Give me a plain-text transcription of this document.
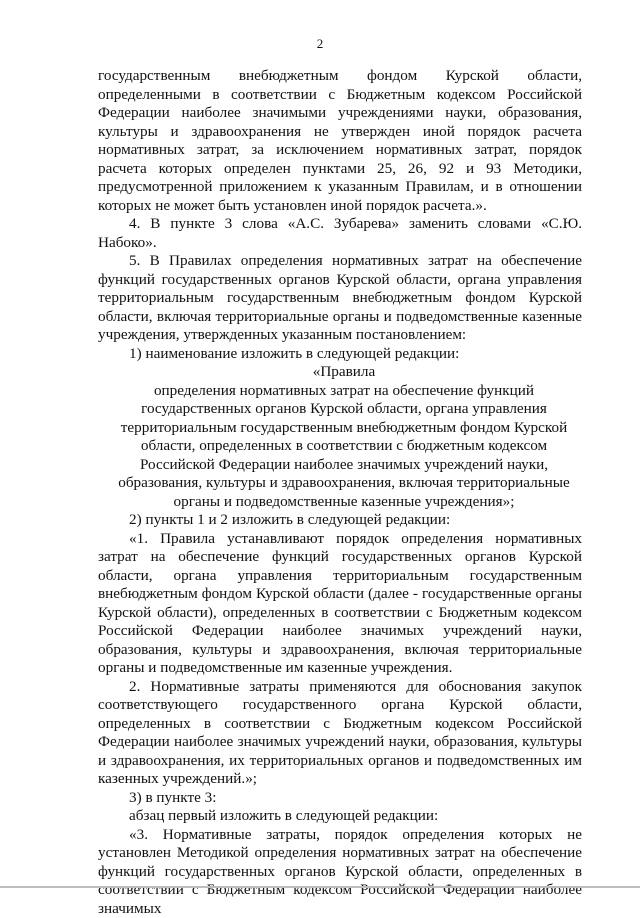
2

государственным внебюджетным фондом Курской области, определенными в соответствии с Бюджетным кодексом Российской Федерации наиболее значимыми учреждениями науки, образования, культуры и здравоохранения не утвержден иной порядок расчета нормативных затрат, за исключением нормативных затрат, порядок расчета которых определен пунктами 25, 26, 92 и 93 Методики, предусмотренной приложением к указанным Правилам, и в отношении которых не может быть установлен иной порядок расчета.».

4. В пункте 3 слова «А.С. Зубарева» заменить словами «С.Ю. Набоко».

5. В Правилах определения нормативных затрат на обеспечение функций государственных органов Курской области, органа управления территориальным государственным внебюджетным фондом Курской области, включая территориальные органы и подведомственные казенные учреждения, утвержденных указанным постановлением:

1) наименование изложить в следующей редакции:

«Правила

определения нормативных затрат на обеспечение функций государственных органов Курской области, органа управления территориальным государственным внебюджетным фондом Курской области, определенных в соответствии с бюджетным кодексом Российской Федерации наиболее значимых учреждений науки, образования, культуры и здравоохранения, включая территориальные органы и подведомственные казенные учреждения»;

2) пункты 1 и 2 изложить в следующей редакции:

«1. Правила устанавливают порядок определения нормативных затрат на обеспечение функций государственных органов Курской области, органа управления территориальным государственным внебюджетным фондом Курской области (далее - государственные органы Курской области), определенных в соответствии с Бюджетным кодексом Российской Федерации наиболее значимых учреждений науки, образования, культуры и здравоохранения, включая территориальные органы и подведомственные им казенные учреждения.

2. Нормативные затраты применяются для обоснования закупок соответствующего государственного органа Курской области, определенных в соответствии с Бюджетным кодексом Российской Федерации наиболее значимых учреждений науки, образования, культуры и здравоохранения, их территориальных органов и подведомственных им казенных учреждений.»;

3) в пункте 3:

абзац первый изложить в следующей редакции:

«3. Нормативные затраты, порядок определения которых не установлен Методикой определения нормативных затрат на обеспечение функций государственных органов Курской области, определенных в соответствии с Бюджетным кодексом Российской Федерации наиболее значимых
